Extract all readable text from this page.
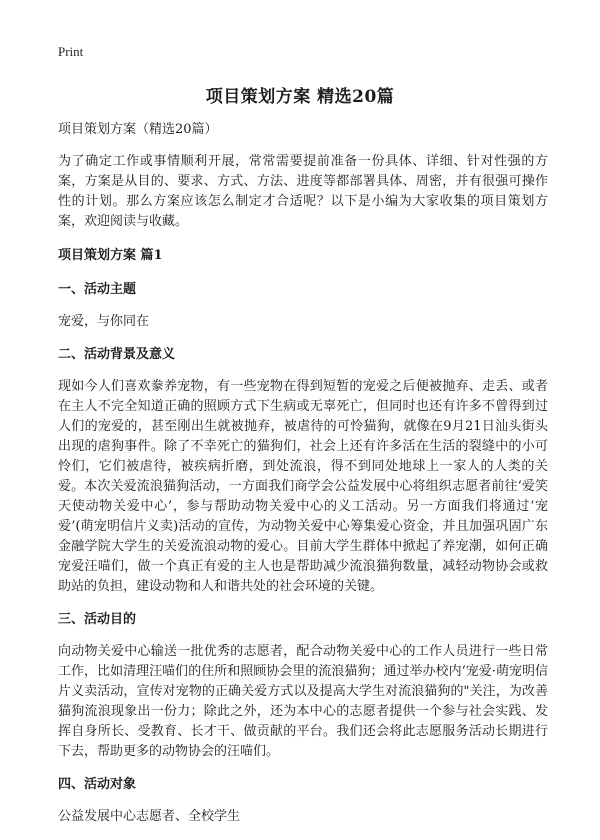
Print
项目策划方案 精选20篇

项目策划方案（精选20篇）

为了确定工作或事情顺利开展，常常需要提前准备一份具体、详细、针对性强的方案，方案是从目的、要求、方式、方法、进度等都部署具体、周密，并有很强可操作性的计划。那么方案应该怎么制定才合适呢？以下是小编为大家收集的项目策划方案，欢迎阅读与收藏。

项目策划方案 篇1

一、活动主题

宠爱，与你同在

二、活动背景及意义

现如今人们喜欢豢养宠物，有一些宠物在得到短暂的宠爱之后便被抛弃、走丢、或者在主人不完全知道正确的照顾方式下生病或无辜死亡，但同时也还有许多不曾得到过人们的宠爱的，甚至刚出生就被抛弃，被虐待的可怜猫狗，就像在9月21日汕头街头出现的虐狗事件。除了不幸死亡的猫狗们，社会上还有许多活在生活的裂缝中的小可怜们，它们被虐待，被疾病折磨，到处流浪，得不到同处地球上一家人的人类的关爱。本次关爱流浪猫狗活动，一方面我们商学会公益发展中心将组织志愿者前往‘爱笑天使动物关爱中心’，参与帮助动物关爱中心的义工活动。另一方面我们将通过‘宠爱’(萌宠明信片义卖)活动的宣传，为动物关爱中心筹集爱心资金，并且加强巩固广东金融学院大学生的关爱流浪动物的爱心。目前大学生群体中掀起了养宠潮，如何正确宠爱汪喵们，做一个真正有爱的主人也是帮助减少流浪猫狗数量，减轻动物协会或救助站的负担，建设动物和人和谐共处的社会环境的关键。

三、活动目的

向动物关爱中心输送一批优秀的志愿者，配合动物关爱中心的工作人员进行一些日常工作，比如清理汪喵们的住所和照顾协会里的流浪猫狗；通过举办校内‘宠爱·萌宠明信片义卖活动，宣传对宠物的正确关爱方式以及提高大学生对流浪猫狗的"关注，为改善猫狗流浪现象出一份力；除此之外，还为本中心的志愿者提供一个参与社会实践、发挥自身所长、受教育、长才干、做贡献的平台。我们还会将此志愿服务活动长期进行下去，帮助更多的动物协会的汪喵们。

四、活动对象

公益发展中心志愿者、全校学生
